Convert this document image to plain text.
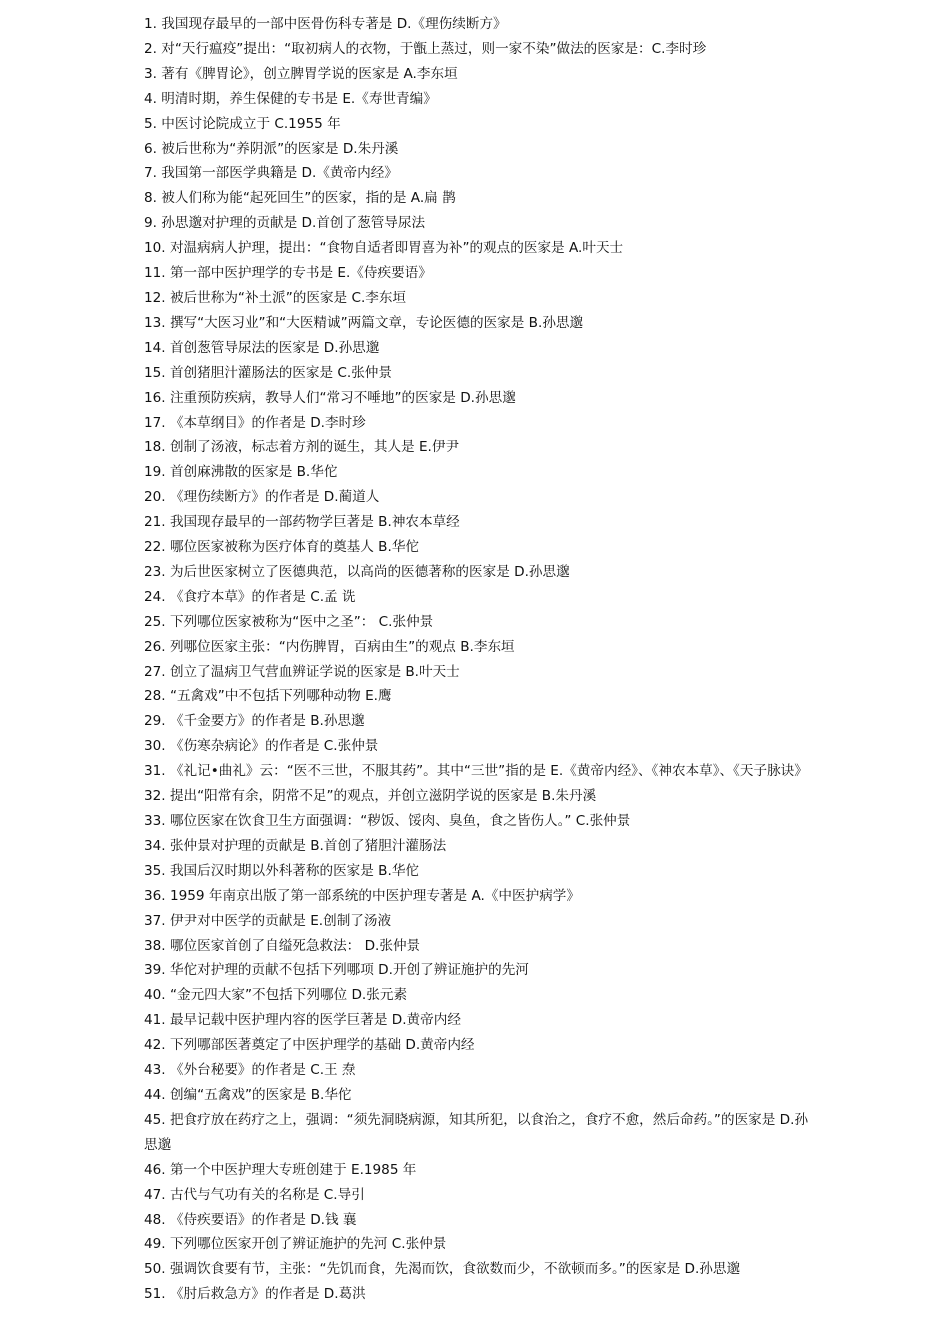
1. 我国现存最早的一部中医骨伤科专著是 D.《理伤续断方》
2. 对“天行瘟疫”提出：“取初病人的衣物，于甑上蒸过，则一家不染”做法的医家是：C.李时珍
3. 著有《脾胃论》，创立脾胃学说的医家是 A.李东垣
4. 明清时期，养生保健的专书是 E.《寿世青编》
5. 中医讨论院成立于 C.1955 年
6. 被后世称为“养阴派”的医家是 D.朱丹溪
7. 我国第一部医学典籍是 D.《黄帝内经》
8. 被人们称为能“起死回生”的医家，指的是 A.扁 鹊
9. 孙思邈对护理的贡献是 D.首创了葱管导尿法
10. 对温病病人护理，提出：“食物自适者即胃喜为补”的观点的医家是 A.叶天士
11. 第一部中医护理学的专书是 E.《侍疾要语》
12. 被后世称为“补土派”的医家是 C.李东垣
13. 撰写“大医习业”和“大医精诚”两篇文章，专论医德的医家是 B.孙思邈
14. 首创葱管导尿法的医家是 D.孙思邈
15. 首创猪胆汁灌肠法的医家是 C.张仲景
16. 注重预防疾病，教导人们“常习不唾地”的医家是 D.孙思邈
17. 《本草纲目》的作者是 D.李时珍
18. 创制了汤液，标志着方剂的诞生，其人是 E.伊尹
19. 首创麻沸散的医家是 B.华佗
20. 《理伤续断方》的作者是 D.蔺道人
21. 我国现存最早的一部药物学巨著是 B.神农本草经
22. 哪位医家被称为医疗体育的奠基人 B.华佗
23. 为后世医家树立了医德典范，以高尚的医德著称的医家是 D.孙思邈
24. 《食疗本草》的作者是 C.孟 诜
25. 下列哪位医家被称为“医中之圣”： C.张仲景
26. 列哪位医家主张：“内伤脾胃，百病由生”的观点 B.李东垣
27. 创立了温病卫气营血辨证学说的医家是 B.叶天士
28. “五禽戏”中不包括下列哪种动物 E.鹰
29. 《千金要方》的作者是 B.孙思邈
30. 《伤寒杂病论》的作者是 C.张仲景
31. 《礼记•曲礼》云：“医不三世，不服其药”。其中“三世”指的是 E.《黄帝内经》、《神农本草》、《天子脉诀》
32. 提出“阳常有余，阴常不足”的观点，并创立滋阴学说的医家是 B.朱丹溪
33. 哪位医家在饮食卫生方面强调：“秽饭、馁肉、臭鱼，食之皆伤人。” C.张仲景
34. 张仲景对护理的贡献是 B.首创了猪胆汁灌肠法
35. 我国后汉时期以外科著称的医家是 B.华佗
36. 1959 年南京出版了第一部系统的中医护理专著是 A.《中医护病学》
37. 伊尹对中医学的贡献是 E.创制了汤液
38. 哪位医家首创了自缢死急救法： D.张仲景
39. 华佗对护理的贡献不包括下列哪项 D.开创了辨证施护的先河
40. “金元四大家”不包括下列哪位 D.张元素
41. 最早记载中医护理内容的医学巨著是 D.黄帝内经
42. 下列哪部医著奠定了中医护理学的基础 D.黄帝内经
43. 《外台秘要》的作者是 C.王 焘
44. 创编“五禽戏”的医家是 B.华佗
45. 把食疗放在药疗之上，强调：“须先洞晓病源，知其所犯，以食治之，食疗不愈，然后命药。”的医家是 D.孙思邈
46. 第一个中医护理大专班创建于 E.1985 年
47. 古代与气功有关的名称是 C.导引
48. 《侍疾要语》的作者是 D.钱 襄
49. 下列哪位医家开创了辨证施护的先河 C.张仲景
50. 强调饮食要有节，主张：“先饥而食，先渴而饮，食欲数而少，不欲顿而多。”的医家是 D.孙思邈
51. 《肘后救急方》的作者是 D.葛洪
